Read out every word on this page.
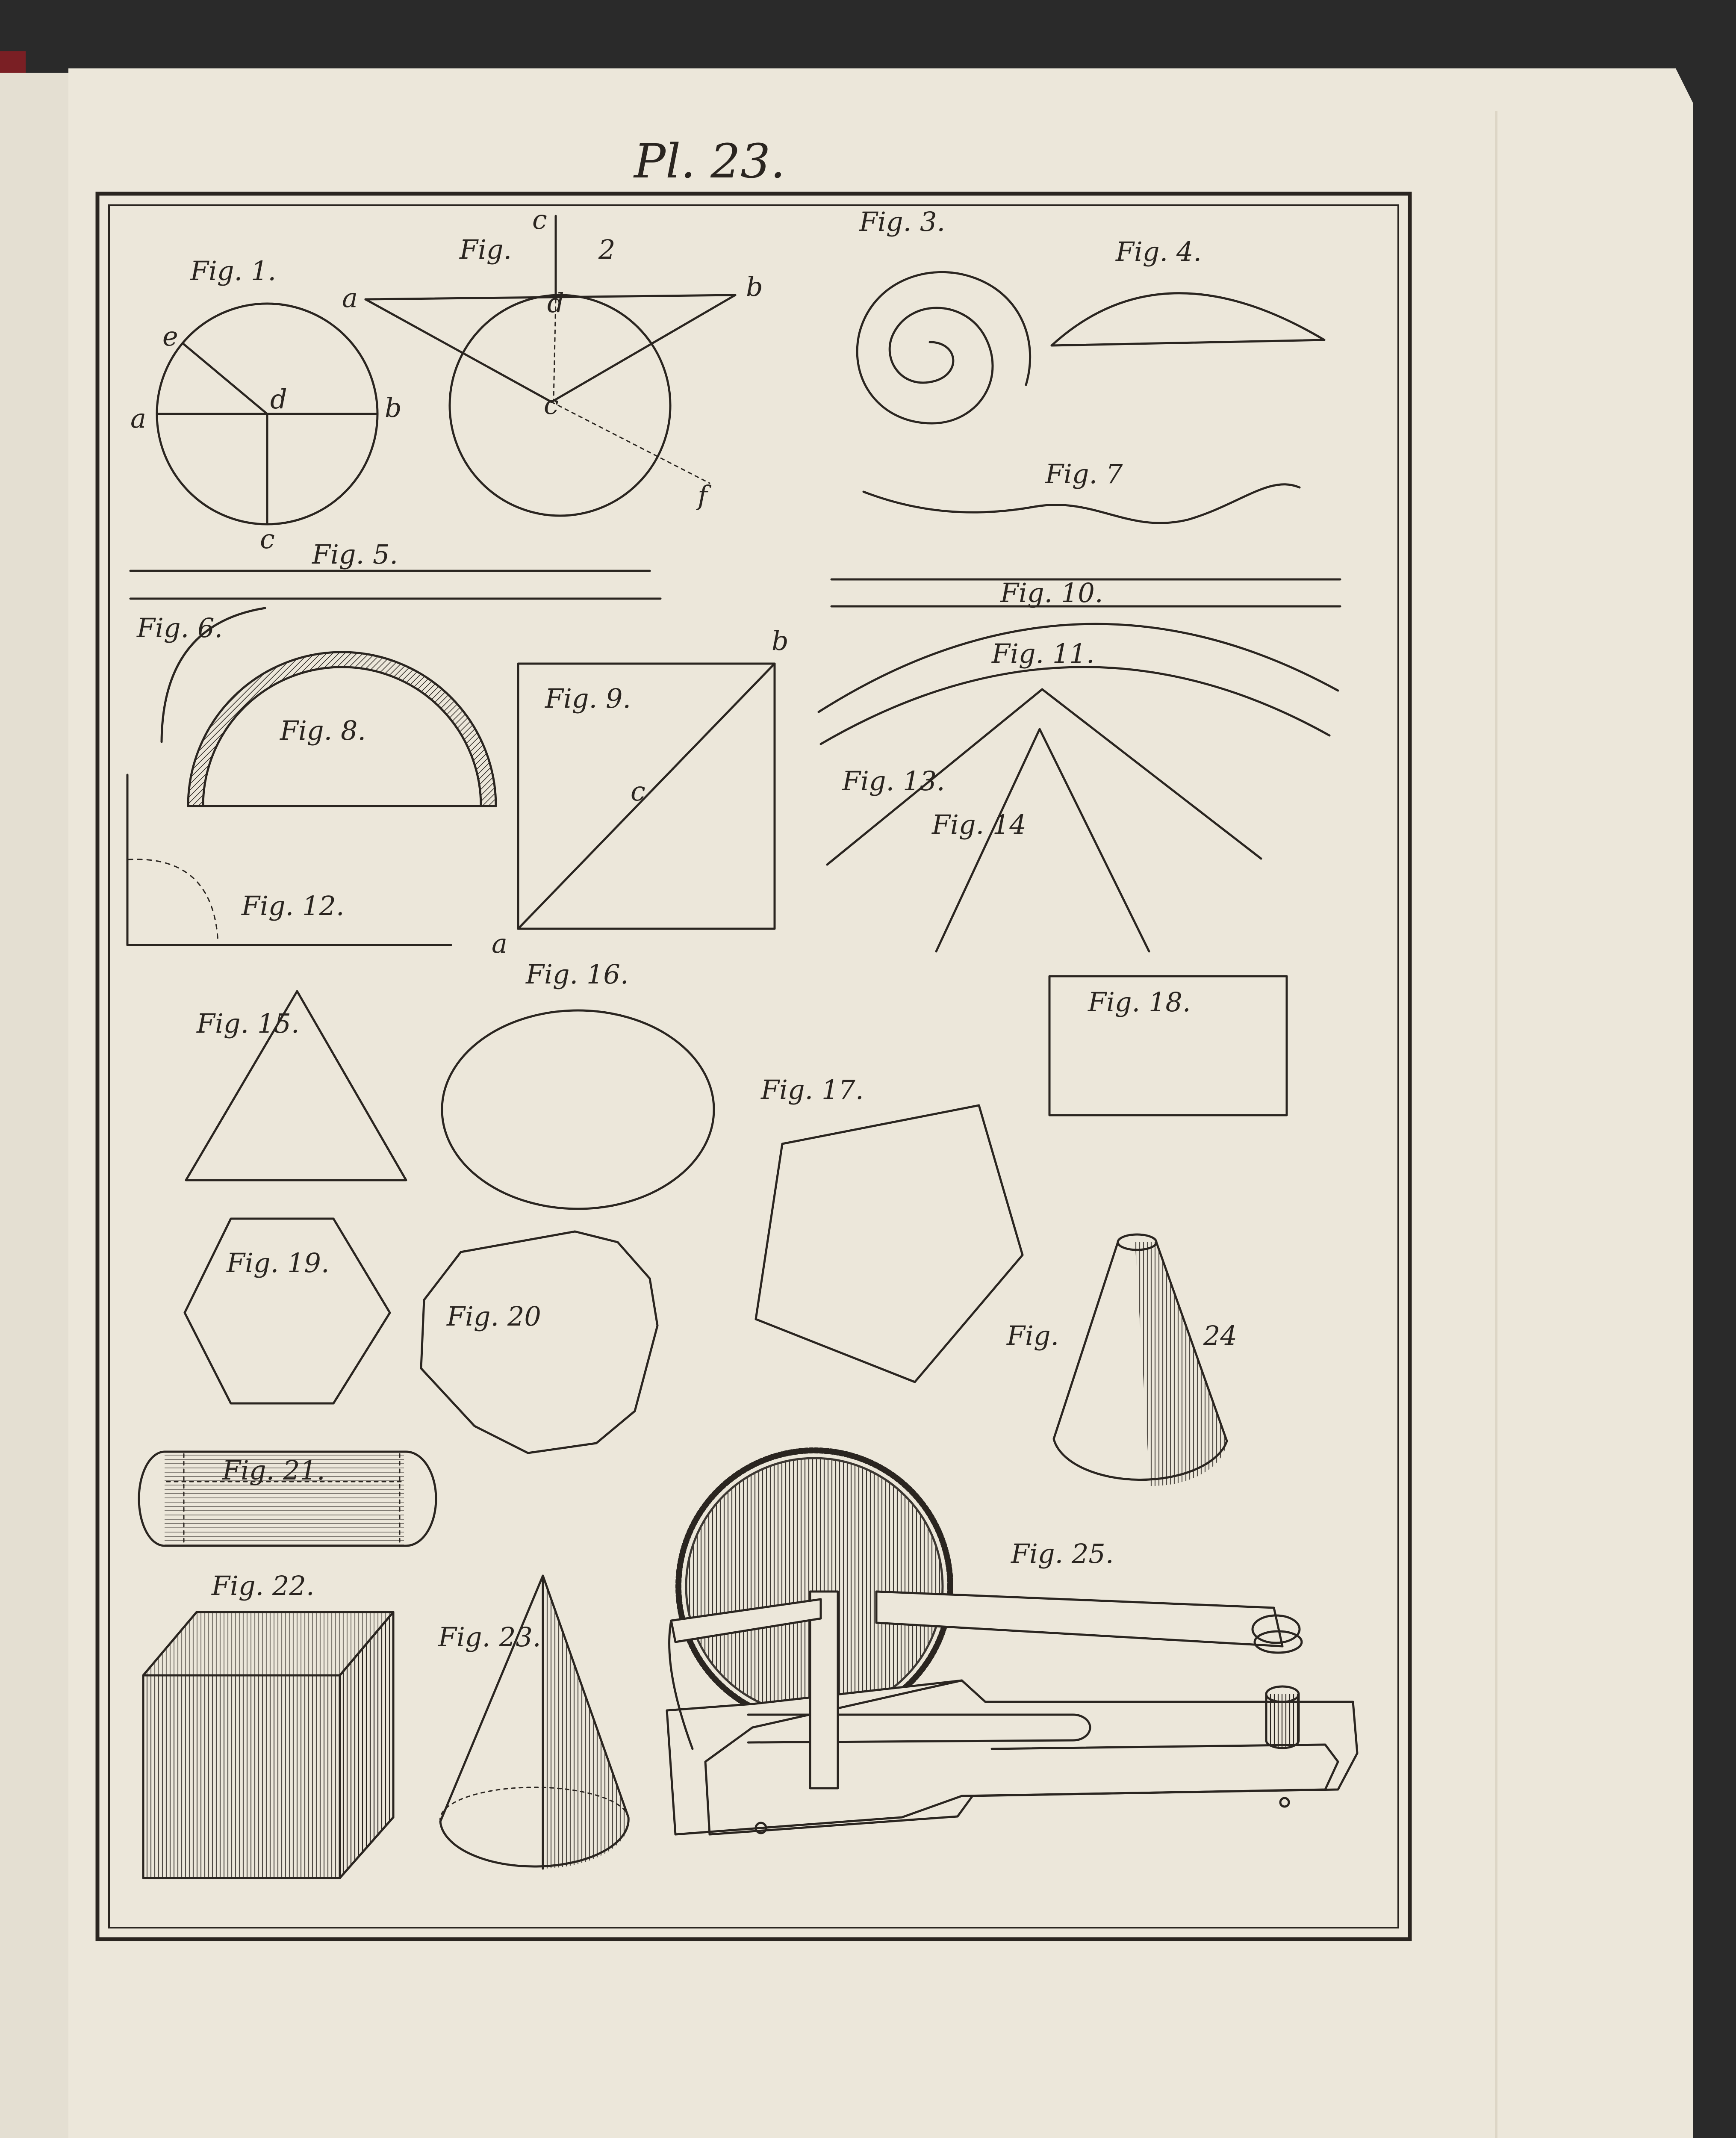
Pl. 23.
Fig. 1.
e
a
d	b
c
Fig.	2
c
a	d
b
c
f
Fig. 3.
Fig. 4.
Fig. 5.
Fig. 6.
Fig. 7
Fig. 8.
Fig. 9.
b
c
a
Fig. 10.
Fig. 11.
Fig. 12.
Fig. 13.
Fig. 14
Fig. 15.
Fig. 16.
Fig. 17.
Fig. 18.
Fig. 19.
Fig. 20
Fig. 21.
Fig. 22.
Fig. 23.
Fig.	24
Fig. 25.
